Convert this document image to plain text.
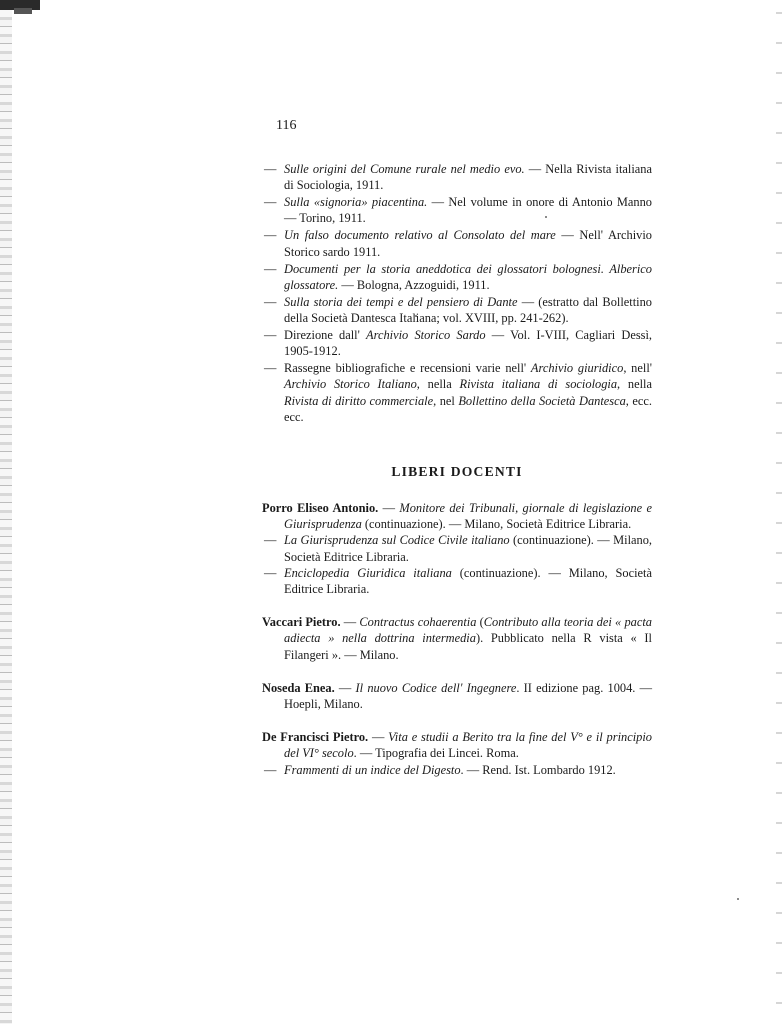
116

— Sulle origini del Comune rurale nel medio evo. — Nella Rivista italiana di Sociologia, 1911.
— Sulla «signoria» piacentina. — Nel volume in onore di Antonio Manno — Torino, 1911.
— Un falso documento relativo al Consolato del mare — Nell' Archivio Storico sardo 1911.
— Documenti per la storia aneddotica dei glossatori bolognesi. Alberico glossatore. — Bologna, Azzoguidi, 1911.
— Sulla storia dei tempi e del pensiero di Dante — (estratto dal Bollettino della Società Dantesca Italiana; vol. XVIII, pp. 241-262).
— Direzione dall' Archivio Storico Sardo — Vol. I-VIII, Cagliari Dessì, 1905-1912.
— Rassegne bibliografiche e recensioni varie nell' Archivio giuridico, nell' Archivio Storico Italiano, nella Rivista italiana di sociologia, nella Rivista di diritto commerciale, nel Bollettino della Società Dantesca, ecc. ecc.
LIBERI DOCENTI

Porro Eliseo Antonio. — Monitore dei Tribunali, giornale di legislazione e Giurisprudenza (continuazione). — Milano, Società Editrice Libraria.

— La Giurisprudenza sul Codice Civile italiano (continuazione). — Milano, Società Editrice Libraria.

— Enciclopedia Giuridica italiana (continuazione). — Milano, Società Editrice Libraria.

Vaccari Pietro. — Contractus cohaerentia (Contributo alla teoria dei « pacta adiecta » nella dottrina intermedia). Pubblicato nella R vista « Il Filangeri ». — Milano.

Noseda Enea. — Il nuovo Codice dell' Ingegnere. II edizione pag. 1004. — Hoepli, Milano.

De Francisci Pietro. — Vita e studii a Berito tra la fine del V° e il principio del VI° secolo. — Tipografia dei Lincei. Roma.

— Frammenti di un indice del Digesto. — Rend. Ist. Lombardo 1912.
